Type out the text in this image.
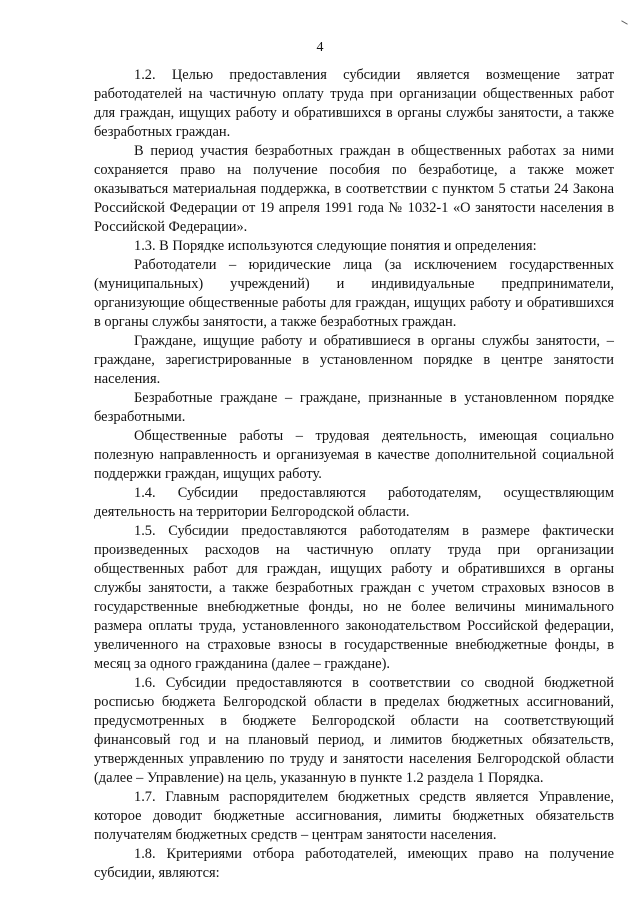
4

1.2. Целью предоставления субсидии является возмещение затрат работодателей на частичную оплату труда при организации общественных работ для граждан, ищущих работу и обратившихся в органы службы занятости, а также безработных граждан.

В период участия безработных граждан в общественных работах за ними сохраняется право на получение пособия по безработице, а также может оказываться материальная поддержка, в соответствии с пунктом 5 статьи 24 Закона Российской Федерации от 19 апреля 1991 года № 1032-1 «О занятости населения в Российской Федерации».

1.3. В Порядке используются следующие понятия и определения:

Работодатели – юридические лица (за исключением государственных (муниципальных) учреждений) и индивидуальные предприниматели, организующие общественные работы для граждан, ищущих работу и обратившихся в органы службы занятости, а также безработных граждан.

Граждане, ищущие работу и обратившиеся в органы службы занятости, – граждане, зарегистрированные в установленном порядке в центре занятости населения.

Безработные граждане – граждане, признанные в установленном порядке безработными.

Общественные работы – трудовая деятельность, имеющая социально полезную направленность и организуемая в качестве дополнительной социальной поддержки граждан, ищущих работу.

1.4. Субсидии предоставляются работодателям, осуществляющим деятельность на территории Белгородской области.

1.5. Субсидии предоставляются работодателям в размере фактически произведенных расходов на частичную оплату труда при организации общественных работ для граждан, ищущих работу и обратившихся в органы службы занятости, а также безработных граждан с учетом страховых взносов в государственные внебюджетные фонды, но не более величины минимального размера оплаты труда, установленного законодательством Российской федерации, увеличенного на страховые взносы в государственные внебюджетные фонды, в месяц за одного гражданина (далее – гражданe).

1.6. Субсидии предоставляются в соответствии со сводной бюджетной росписью бюджета Белгородской области в пределах бюджетных ассигнований, предусмотренных в бюджете Белгородской области на соответствующий финансовый год и на плановый период, и лимитов бюджетных обязательств, утвержденных управлению по труду и занятости населения Белгородской области (далее – Управление) на цель, указанную в пункте 1.2 раздела 1 Порядка.

1.7. Главным распорядителем бюджетных средств является Управление, которое доводит бюджетные ассигнования, лимиты бюджетных обязательств получателям бюджетных средств – центрам занятости населения.

1.8. Критериями отбора работодателей, имеющих право на получение субсидии, являются:
